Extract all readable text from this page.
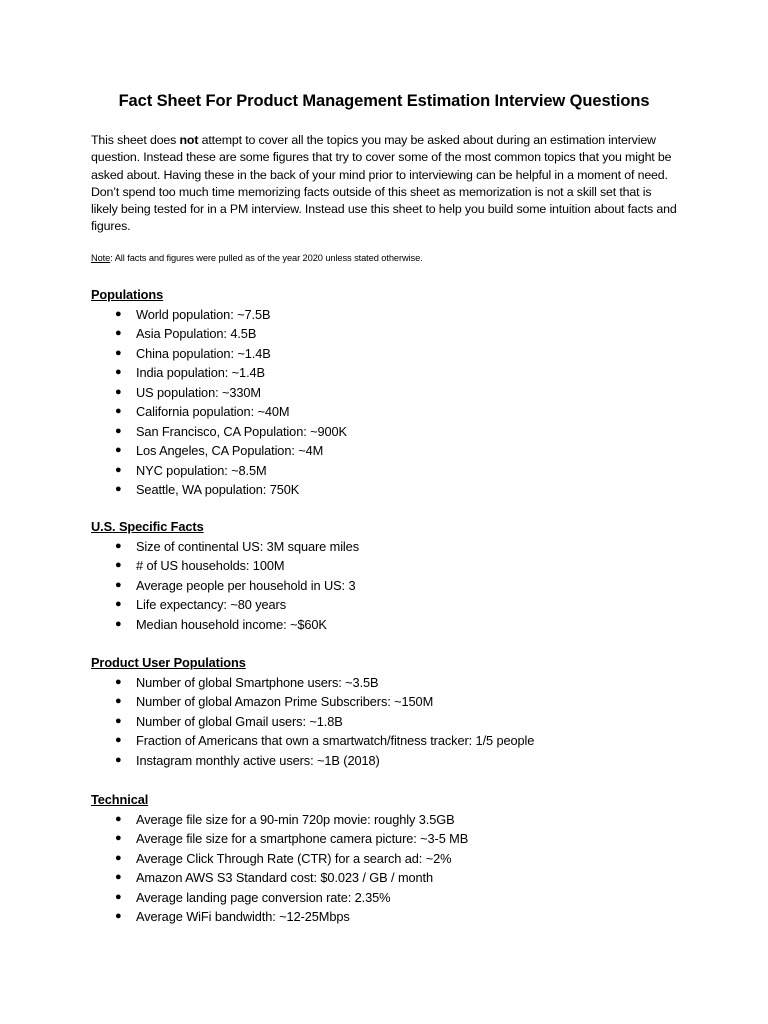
Fact Sheet For Product Management Estimation Interview Questions

This sheet does not attempt to cover all the topics you may be asked about during an estimation interview question. Instead these are some figures that try to cover some of the most common topics that you might be asked about. Having these in the back of your mind prior to interviewing can be helpful in a moment of need. Don’t spend too much time memorizing facts outside of this sheet as memorization is not a skill set that is likely being tested for in a PM interview. Instead use this sheet to help you build some intuition about facts and figures.

Note: All facts and figures were pulled as of the year 2020 unless stated otherwise.

Populations
● World population: ~7.5B
● Asia Population: 4.5B
● China population: ~1.4B
● India population: ~1.4B
● US population: ~330M
● California population: ~40M
● San Francisco, CA Population: ~900K
● Los Angeles, CA Population: ~4M
● NYC population: ~8.5M
● Seattle, WA population: 750K
U.S. Specific Facts
● Size of continental US: 3M square miles
● # of US households: 100M
● Average people per household in US: 3
● Life expectancy: ~80 years
● Median household income: ~$60K
Product User Populations
● Number of global Smartphone users: ~3.5B
● Number of global Amazon Prime Subscribers: ~150M
● Number of global Gmail users: ~1.8B
● Fraction of Americans that own a smartwatch/fitness tracker: 1/5 people
● Instagram monthly active users: ~1B (2018)
Technical
● Average file size for a 90-min 720p movie: roughly 3.5GB
● Average file size for a smartphone camera picture: ~3-5 MB
● Average Click Through Rate (CTR) for a search ad: ~2%
● Amazon AWS S3 Standard cost: $0.023 / GB / month
● Average landing page conversion rate: 2.35%
● Average WiFi bandwidth: ~12-25Mbps
